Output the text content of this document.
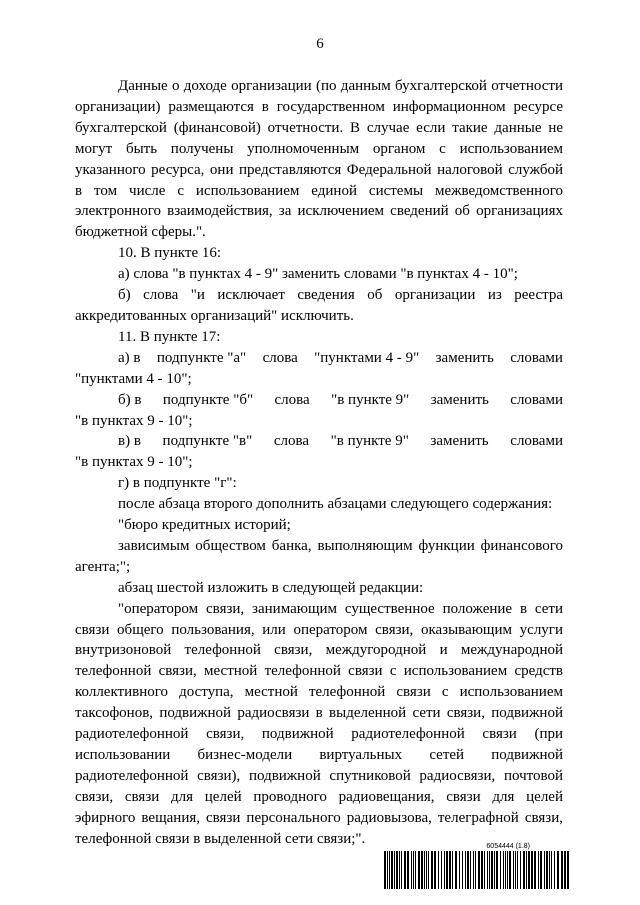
6

Данные о доходе организации (по данным бухгалтерской отчетности организации) размещаются в государственном информационном ресурсе бухгалтерской (финансовой) отчетности. В случае если такие данные не могут быть получены уполномоченным органом с использованием указанного ресурса, они представляются Федеральной налоговой службой в том числе с использованием единой системы межведомственного электронного взаимодействия, за исключением сведений об организациях бюджетной сферы.".

10. В пункте 16:

а) слова "в пунктах 4 - 9" заменить словами "в пунктах 4 - 10";

б) слова "и исключает сведения об организации из реестра аккредитованных организаций" исключить.

11. В пункте 17:

а) в подпункте "а" слова "пунктами 4 - 9" заменить словами

"пунктами 4 - 10";

б) в подпункте "б" слова "в пункте 9" заменить словами

"в пунктах 9 - 10";

в) в подпункте "в" слова "в пункте 9" заменить словами

"в пунктах 9 - 10";

г) в подпункте "г":

после абзаца второго дополнить абзацами следующего содержания:

"бюро кредитных историй;

зависимым обществом банка, выполняющим функции финансового агента;";

абзац шестой изложить в следующей редакции:

"оператором связи, занимающим существенное положение в сети связи общего пользования, или оператором связи, оказывающим услуги внутризоновой телефонной связи, междугородной и международной телефонной связи, местной телефонной связи с использованием средств коллективного доступа, местной телефонной связи с использованием таксофонов, подвижной радиосвязи в выделенной сети связи, подвижной радиотелефонной связи, подвижной радиотелефонной связи (при использовании бизнес-модели виртуальных сетей подвижной радиотелефонной связи), подвижной спутниковой радиосвязи, почтовой связи, связи для целей проводного радиовещания, связи для целей эфирного вещания, связи персонального радиовызова, телеграфной связи, телефонной связи в выделенной сети связи;".	6054444 (1.8)
